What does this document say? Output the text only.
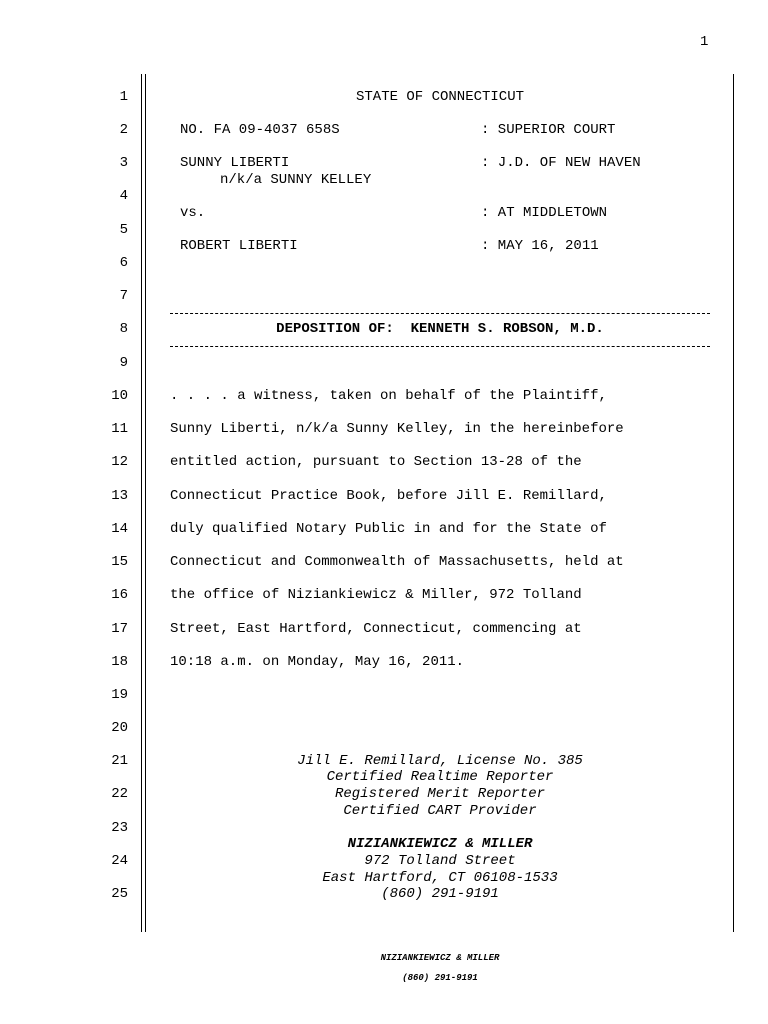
1
1
2
3
4
5
6
7
8
9
10
11
12
13
14
15
16
17
18
19
20
21
22
23
24
25
STATE OF CONNECTICUT
NO. FA 09-4037 658S	: SUPERIOR COURT
SUNNY LIBERTI	: J.D. OF NEW HAVEN
n/k/a SUNNY KELLEY
vs.	: AT MIDDLETOWN
ROBERT LIBERTI	: MAY 16, 2011
DEPOSITION OF:  KENNETH S. ROBSON, M.D.
. . . . a witness, taken on behalf of the Plaintiff,
Sunny Liberti, n/k/a Sunny Kelley, in the hereinbefore
entitled action, pursuant to Section 13-28 of the
Connecticut Practice Book, before Jill E. Remillard,
duly qualified Notary Public in and for the State of
Connecticut and Commonwealth of Massachusetts, held at
the office of Niziankiewicz & Miller, 972 Tolland
Street, East Hartford, Connecticut, commencing at
10:18 a.m. on Monday, May 16, 2011.
Jill E. Remillard, License No. 385
Certified Realtime Reporter
Registered Merit Reporter
Certified CART Provider
NIZIANKIEWICZ & MILLER
972 Tolland Street
East Hartford, CT 06108-1533
(860) 291-9191
NIZIANKIEWICZ & MILLER
(860) 291-9191
